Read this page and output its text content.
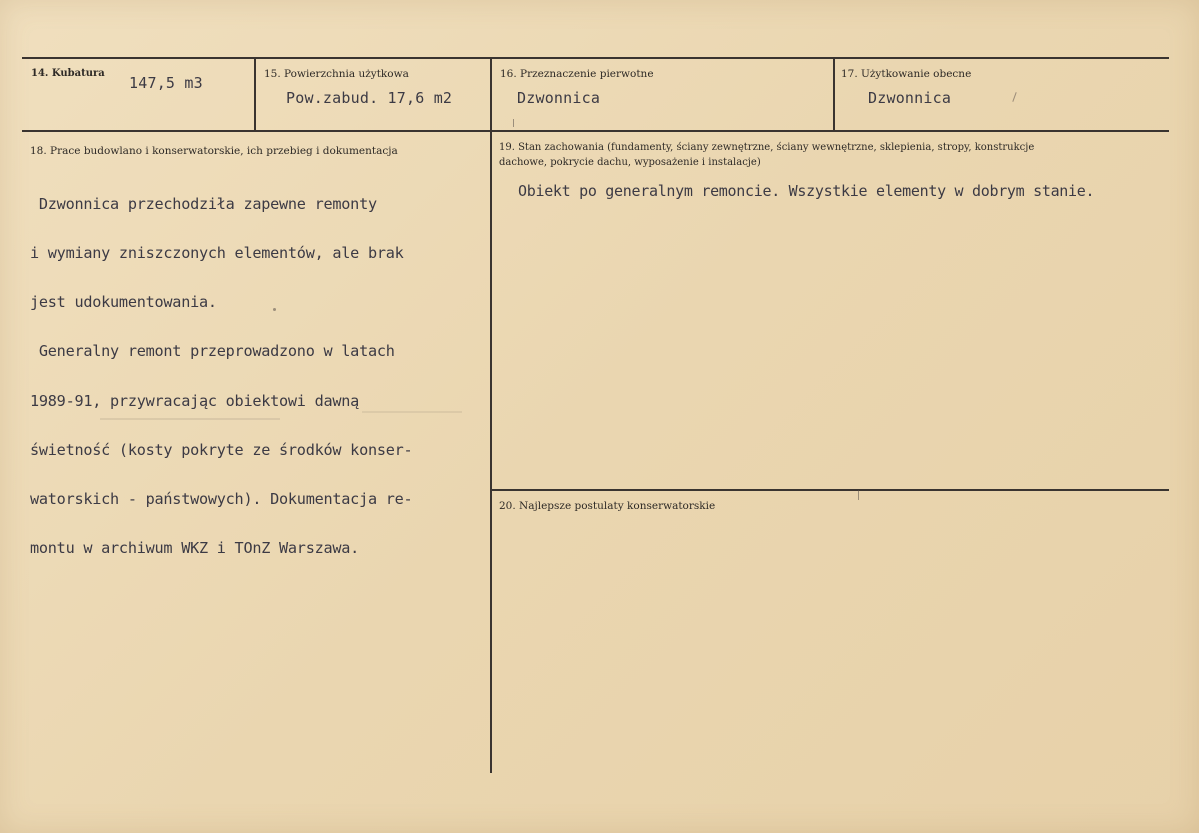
14. Kubatura
147,5 m3	15. Powierzchnia użytkowa
Pow.zabud. 17,6 m2
16. Przeznaczenie pierwotne
Dzwonnica
17. Użytkowanie obecne
Dzwonnica
18. Prace budowlano i konserwatorskie, ich przebieg i dokumentacja

Dzwonnica przechodziła zapewne remonty

i wymiany zniszczonych elementów, ale brak

jest udokumentowania.

Generalny remont przeprowadzono w latach

1989-91, przywracając obiektowi dawną

świetność (kosty pokryte ze środków konser-

watorskich - państwowych). Dokumentacja re-

montu w archiwum WKZ i TOnZ Warszawa.

19. Stan zachowania (fundamenty, ściany zewnętrzne, ściany wewnętrzne, sklepienia, stropy, konstrukcje
dachowe, pokrycie dachu, wyposażenie i instalacje)
Obiekt po generalnym remoncie. Wszystkie elementy w dobrym stanie.
20. Najlepsze postulaty konserwatorskie
